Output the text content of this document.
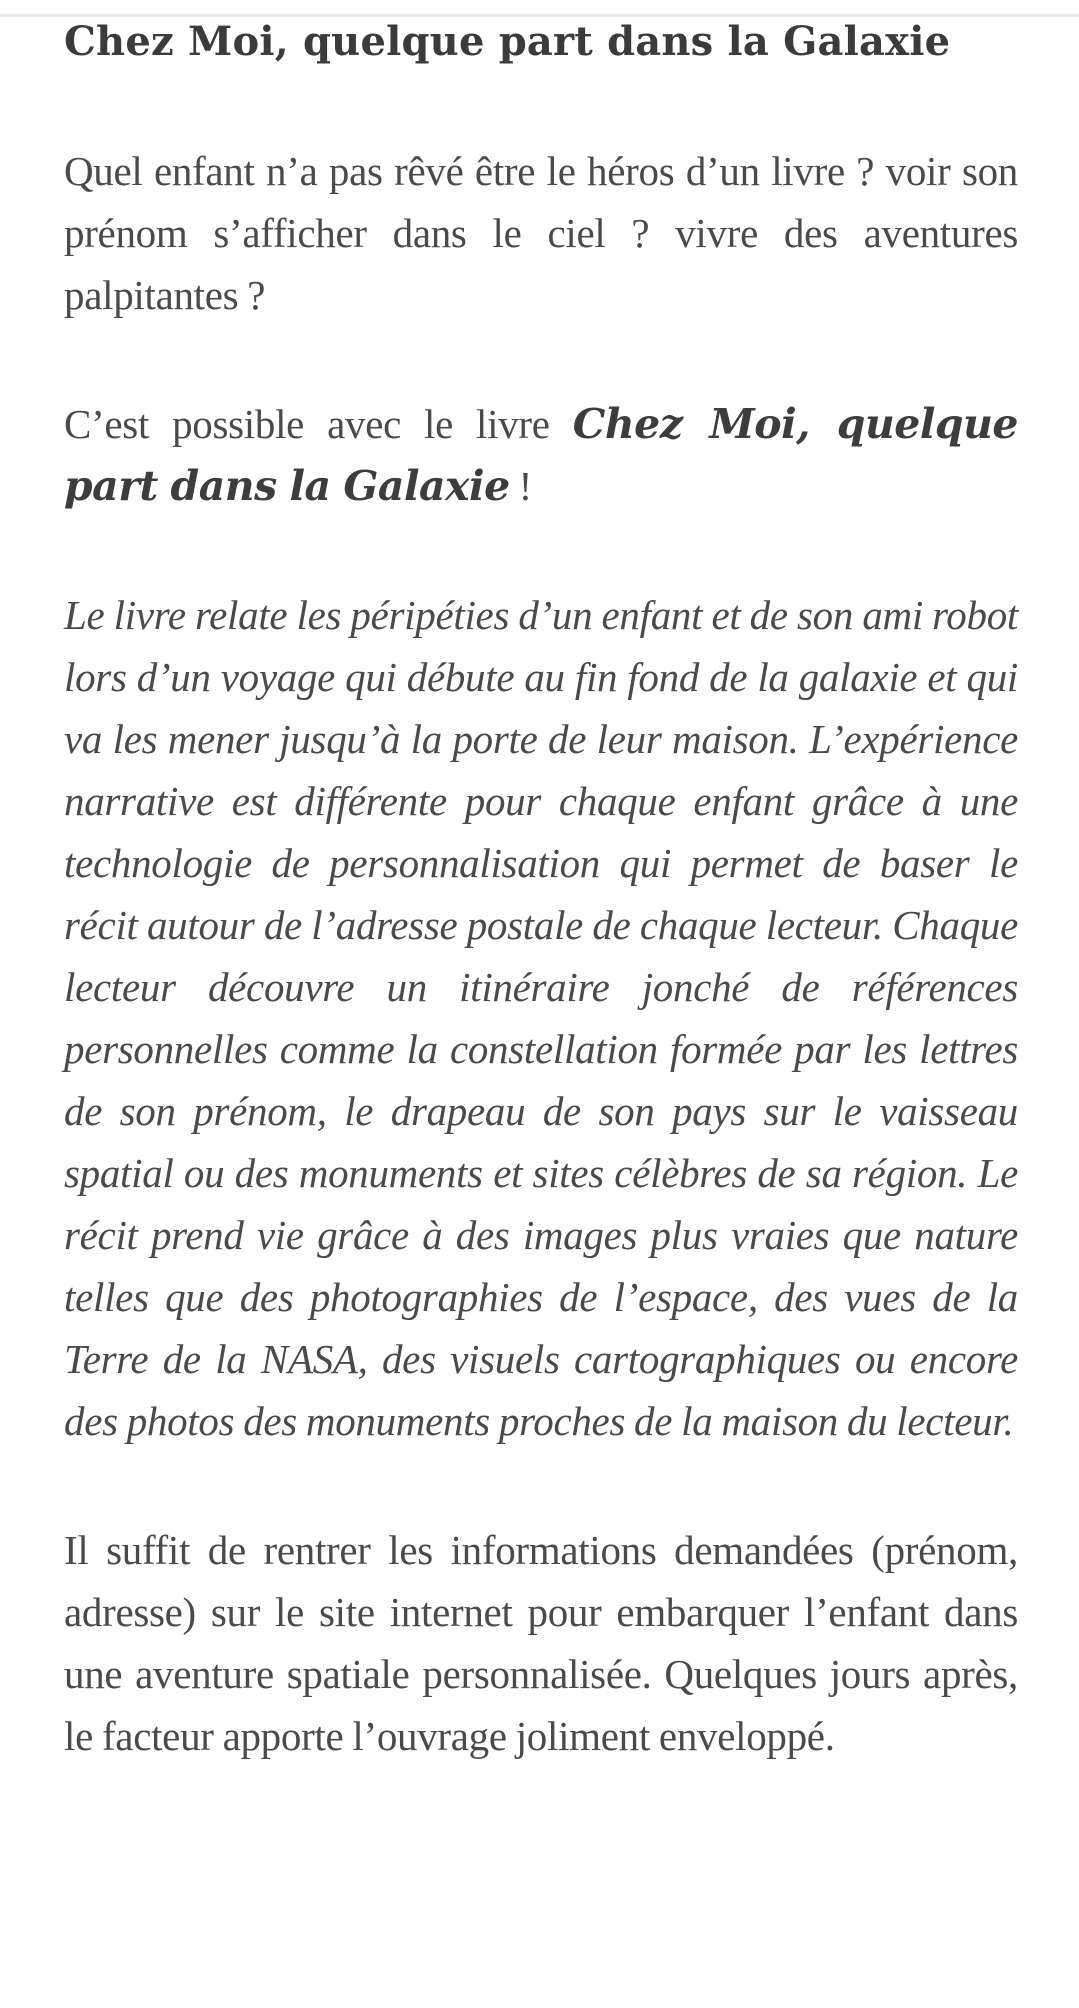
Chez Moi, quelque part dans la Galaxie

Quel enfant n’a pas rêvé être le héros d’un livre ? voir son prénom s’afficher dans le ciel ? vivre des aventures palpitantes ?

C’est possible avec le livre Chez Moi, quelque part dans la Galaxie !

Le livre relate les péripéties d’un enfant et de son ami robot lors d’un voyage qui débute au fin fond de la galaxie et qui va les mener jusqu’à la porte de leur maison. L’expérience narrative est différente pour chaque enfant grâce à une technologie de personnalisation qui permet de baser le récit autour de l’adresse postale de chaque lecteur. Chaque lecteur découvre un itinéraire jonché de références personnelles comme la constellation formée par les lettres de son prénom, le drapeau de son pays sur le vaisseau spatial ou des monuments et sites célèbres de sa région. Le récit prend vie grâce à des images plus vraies que nature telles que des photographies de l’espace, des vues de la Terre de la NASA, des visuels cartographiques ou encore des photos des monuments proches de la maison du lecteur.

Il suffit de rentrer les informations demandées (prénom, adresse) sur le site internet pour embarquer l’enfant dans une aventure spatiale personnalisée. Quelques jours après, le facteur apporte l’ouvrage joliment enveloppé.
